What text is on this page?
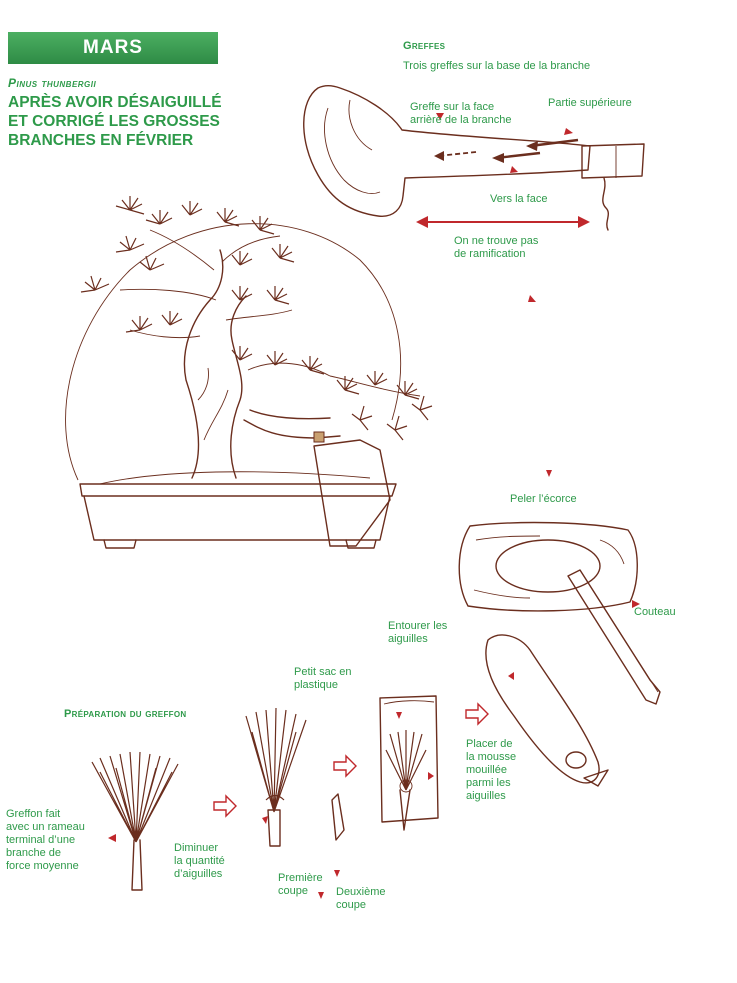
MARS
Pinus thunbergii
APRÈS AVOIR DÉSAIGUILLÉ
ET CORRIGÉ LES GROSSES
BRANCHES EN FÉVRIER
Greffes
Trois greffes sur la base de la branche
Greffe sur la face
arrière de la branche
Partie supérieure
Vers la face
On ne trouve pas
de ramification
Peler l’écorce
Couteau
Entourer les
aiguilles
Placer de
la mousse
mouillée
parmi les
aiguilles
Préparation du greffon
Greffon fait
avec un rameau
terminal d’une
branche de
force moyenne
Diminuer
la quantité
d’aiguilles
Petit sac en
plastique
Première
coupe	Deuxième
coupe
